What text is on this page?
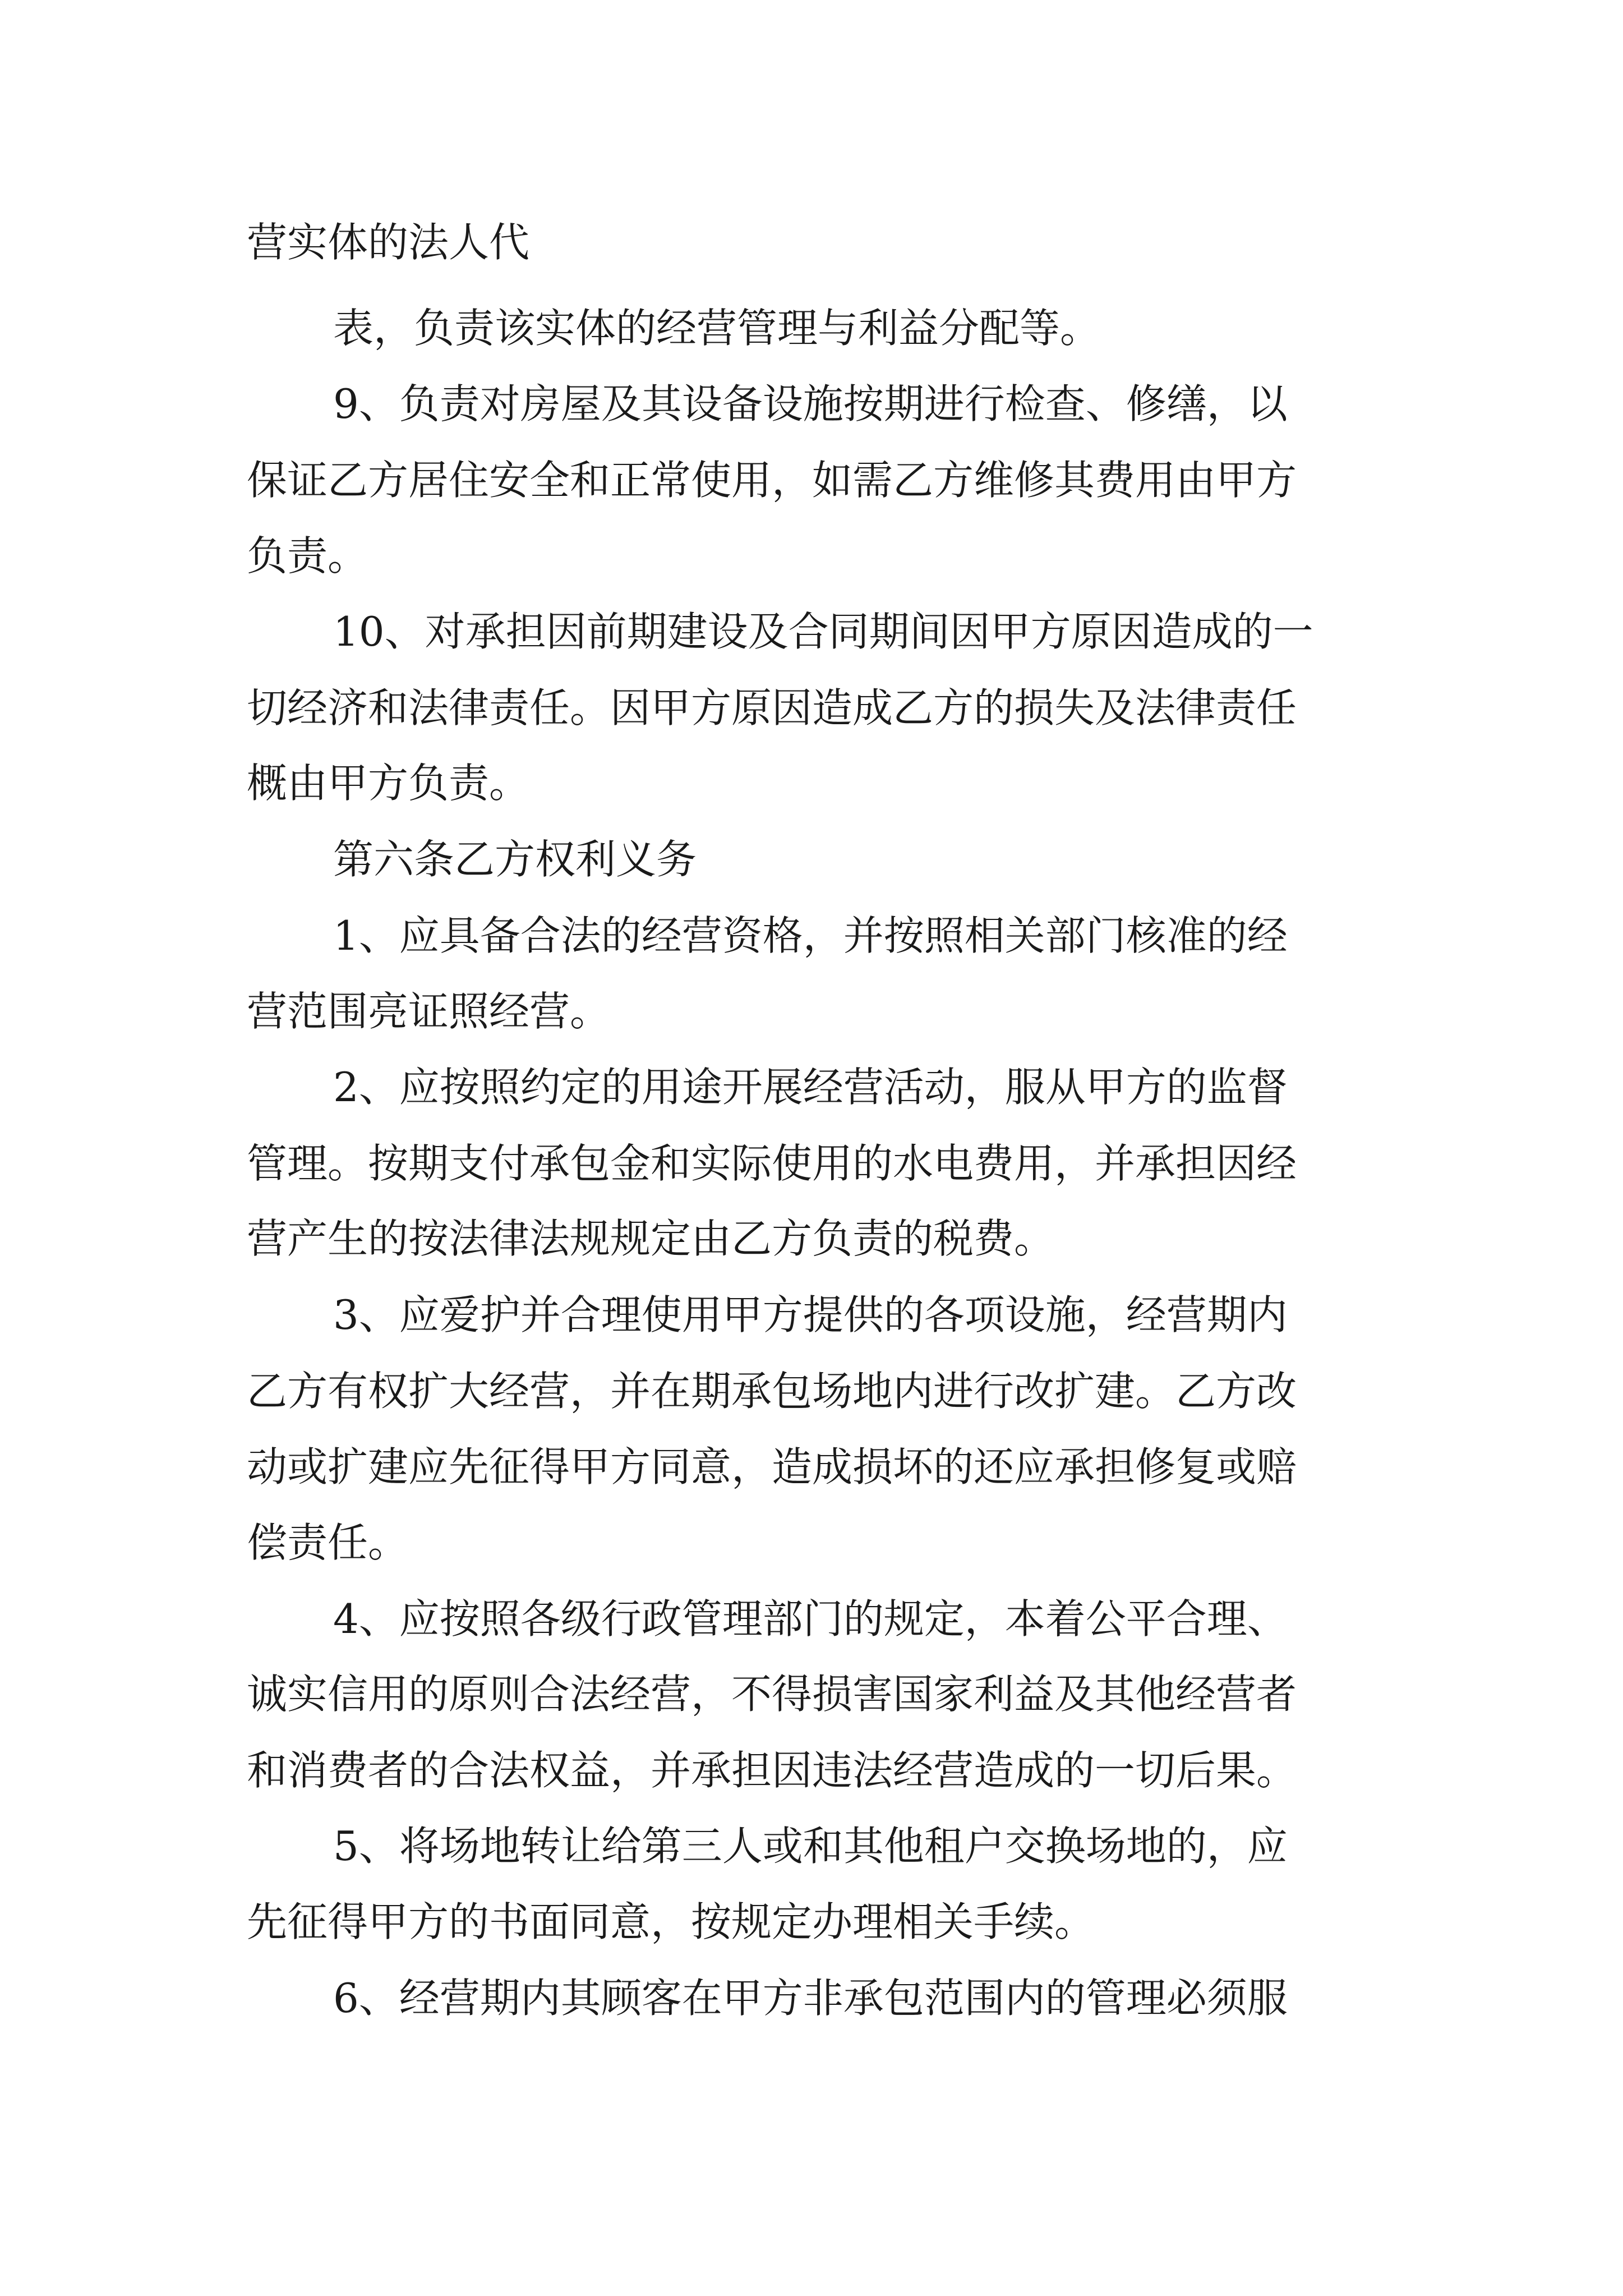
营实体的法人代
表，负责该实体的经营管理与利益分配等。
9、负责对房屋及其设备设施按期进行检查、修缮，以
保证乙方居住安全和正常使用，如需乙方维修其费用由甲方
负责。
10、对承担因前期建设及合同期间因甲方原因造成的一
切经济和法律责任。因甲方原因造成乙方的损失及法律责任
概由甲方负责。
第六条乙方权利义务
1、应具备合法的经营资格，并按照相关部门核准的经
营范围亮证照经营。
2、应按照约定的用途开展经营活动，服从甲方的监督
管理。按期支付承包金和实际使用的水电费用，并承担因经
营产生的按法律法规规定由乙方负责的税费。
3、应爱护并合理使用甲方提供的各项设施，经营期内
乙方有权扩大经营，并在期承包场地内进行改扩建。乙方改
动或扩建应先征得甲方同意，造成损坏的还应承担修复或赔
偿责任。
4、应按照各级行政管理部门的规定，本着公平合理、
诚实信用的原则合法经营，不得损害国家利益及其他经营者
和消费者的合法权益，并承担因违法经营造成的一切后果。
5、将场地转让给第三人或和其他租户交换场地的，应
先征得甲方的书面同意，按规定办理相关手续。
6、经营期内其顾客在甲方非承包范围内的管理必须服
